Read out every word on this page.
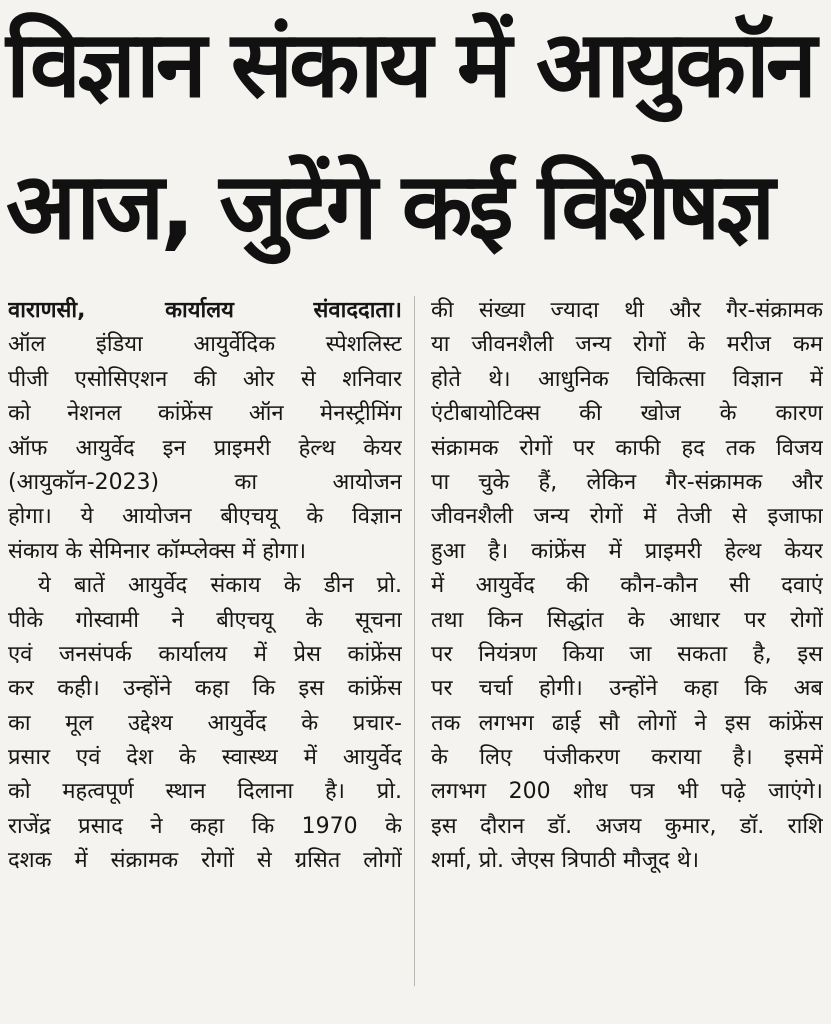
विज्ञान संकाय में आयुकॉन
आज, जुटेंगे कई विशेषज्ञ
वाराणसी, कार्यालय संवाददाता।
ऑल इंडिया आयुर्वेदिक स्पेशलिस्ट
पीजी एसोसिएशन की ओर से शनिवार
को नेशनल कांफ्रेंस ऑन मेनस्ट्रीमिंग
ऑफ आयुर्वेद इन प्राइमरी हेल्थ केयर
(आयुकॉन-2023) का आयोजन
होगा। ये आयोजन बीएचयू के विज्ञान
संकाय के सेमिनार कॉम्प्लेक्स में होगा।
ये बातें आयुर्वेद संकाय के डीन प्रो.
पीके गोस्वामी ने बीएचयू के सूचना
एवं जनसंपर्क कार्यालय में प्रेस कांफ्रेंस
कर कही। उन्होंने कहा कि इस कांफ्रेंस
का मूल उद्देश्य आयुर्वेद के प्रचार-
प्रसार एवं देश के स्वास्थ्य में आयुर्वेद
को महत्वपूर्ण स्थान दिलाना है। प्रो.
राजेंद्र प्रसाद ने कहा कि 1970 के
दशक में संक्रामक रोगों से ग्रसित लोगों
की संख्या ज्यादा थी और गैर-संक्रामक
या जीवनशैली जन्य रोगों के मरीज कम
होते थे। आधुनिक चिकित्सा विज्ञान में
एंटीबायोटिक्स की खोज के कारण
संक्रामक रोगों पर काफी हद तक विजय
पा चुके हैं, लेकिन गैर-संक्रामक और
जीवनशैली जन्य रोगों में तेजी से इजाफा
हुआ है। कांफ्रेंस में प्राइमरी हेल्थ केयर
में आयुर्वेद की कौन-कौन सी दवाएं
तथा किन सिद्धांत के आधार पर रोगों
पर नियंत्रण किया जा सकता है, इस
पर चर्चा होगी। उन्होंने कहा कि अब
तक लगभग ढाई सौ लोगों ने इस कांफ्रेंस
के लिए पंजीकरण कराया है। इसमें
लगभग 200 शोध पत्र भी पढ़े जाएंगे।
इस दौरान डॉ. अजय कुमार, डॉ. राशि
शर्मा, प्रो. जेएस त्रिपाठी मौजूद थे।
